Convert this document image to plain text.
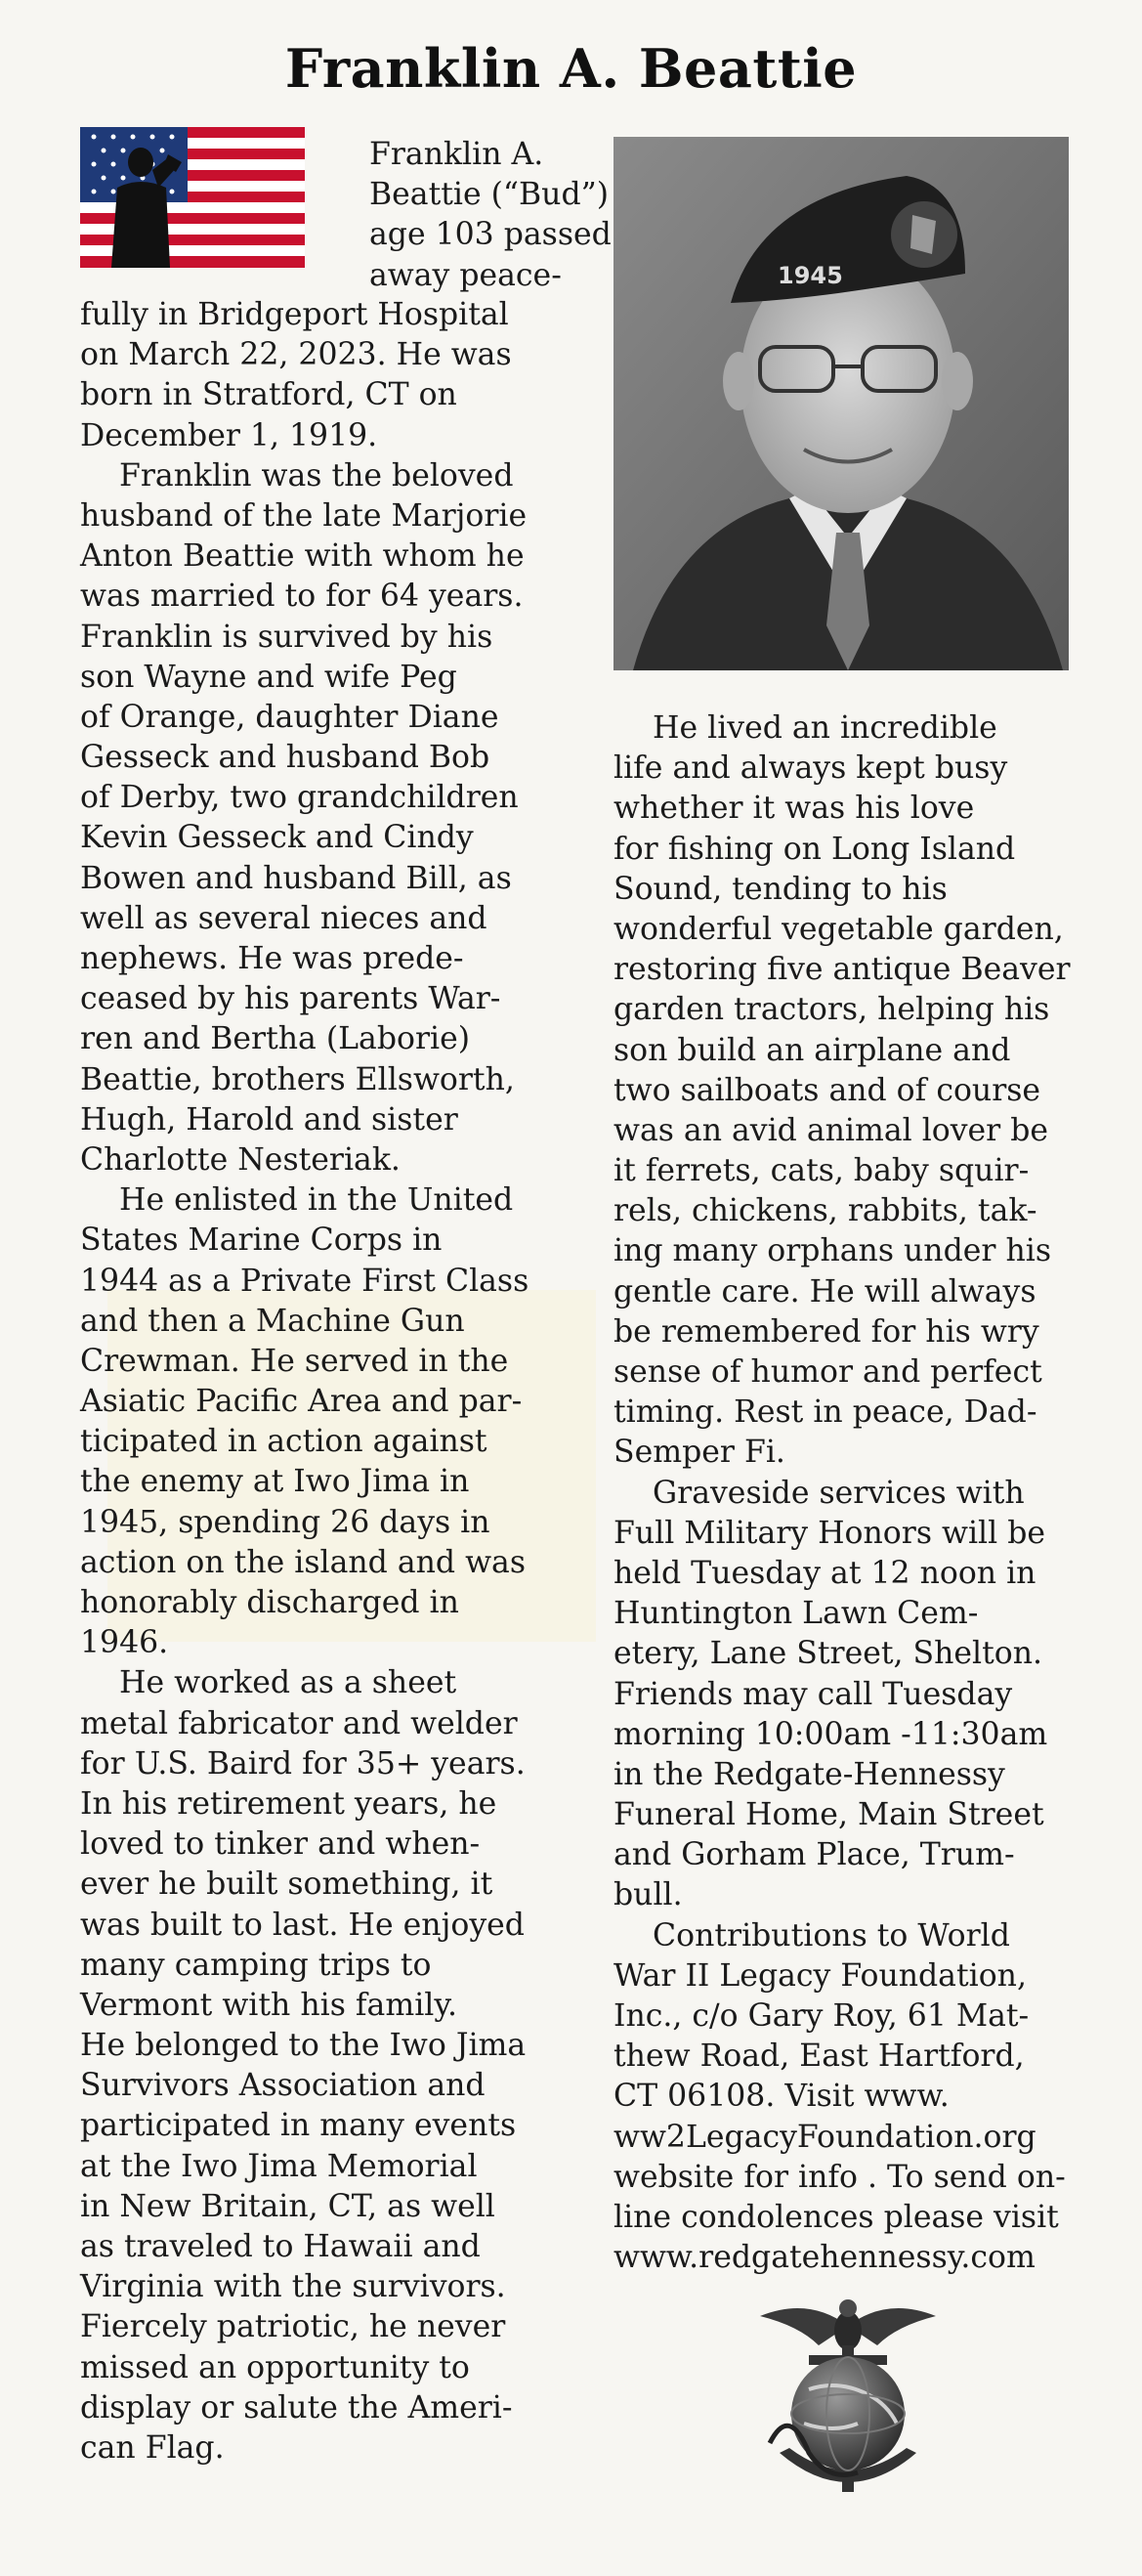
Franklin A. Beattie
1945
Franklin A.
Beattie (“Bud”)
age 103 passed
away peace-
fully in Bridgeport Hospital
on March 22, 2023. He was
born in Stratford, CT on
December 1, 1919.
Franklin was the beloved
husband of the late Marjorie
Anton Beattie with whom he
was married to for 64 years.
Franklin is survived by his
son Wayne and wife Peg
of Orange, daughter Diane
Gesseck and husband Bob
of Derby, two grandchildren
Kevin Gesseck and Cindy
Bowen and husband Bill, as
well as several nieces and
nephews. He was prede-
ceased by his parents War-
ren and Bertha (Laborie)
Beattie, brothers Ellsworth,
Hugh, Harold and sister
Charlotte Nesteriak.
He enlisted in the United
States Marine Corps in
1944 as a Private First Class
and then a Machine Gun
Crewman. He served in the
Asiatic Pacific Area and par-
ticipated in action against
the enemy at Iwo Jima in
1945, spending 26 days in
action on the island and was
honorably discharged in
1946.
He worked as a sheet
metal fabricator and welder
for U.S. Baird for 35+ years.
In his retirement years, he
loved to tinker and when-
ever he built something, it
was built to last. He enjoyed
many camping trips to
Vermont with his family.
He belonged to the Iwo Jima
Survivors Association and
participated in many events
at the Iwo Jima Memorial
in New Britain, CT, as well
as traveled to Hawaii and
Virginia with the survivors.
Fiercely patriotic, he never
missed an opportunity to
display or salute the Ameri-
can Flag.
He lived an incredible
life and always kept busy
whether it was his love
for fishing on Long Island
Sound, tending to his
wonderful vegetable garden,
restoring five antique Beaver
garden tractors, helping his
son build an airplane and
two sailboats and of course
was an avid animal lover be
it ferrets, cats, baby squir-
rels, chickens, rabbits, tak-
ing many orphans under his
gentle care. He will always
be remembered for his wry
sense of humor and perfect
timing. Rest in peace, Dad-
Semper Fi.
Graveside services with
Full Military Honors will be
held Tuesday at 12 noon in
Huntington Lawn Cem-
etery, Lane Street, Shelton.
Friends may call Tuesday
morning 10:00am -11:30am
in the Redgate-Hennessy
Funeral Home, Main Street
and Gorham Place, Trum-
bull.
Contributions to World
War II Legacy Foundation,
Inc., c/o Gary Roy, 61 Mat-
thew Road, East Hartford,
CT 06108. Visit www.
ww2LegacyFoundation.org
website for info . To send on-
line condolences please visit
www.redgatehennessy.com
